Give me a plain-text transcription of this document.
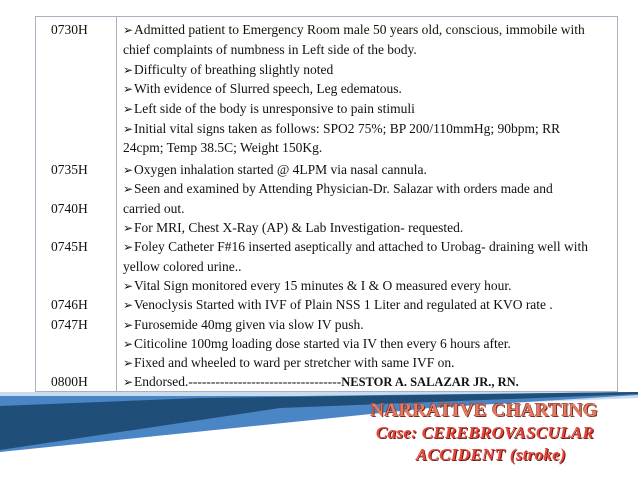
0730H
0735H
0740H
0745H
0746H
0747H
0800H	➢Endorsed.----------------------------------NESTOR A. SALAZAR JR., RN.
NARRATIVE CHARTING
Case: CEREBROVASCULAR
ACCIDENT (stroke)
➢Admitted patient to Emergency Room male 50 years old, conscious, immobile with
chief complaints of numbness in Left side of the body.
➢Difficulty of breathing slightly noted
➢With evidence of Slurred speech, Leg edematous.
➢Left side of the body is unresponsive to pain stimuli
➢Initial vital signs taken as follows: SPO2 75%; BP 200/110mmHg; 90bpm; RR
24cpm; Temp 38.5C; Weight 150Kg.
➢Oxygen inhalation started @ 4LPM via nasal cannula.
➢Seen and examined by Attending Physician-Dr. Salazar with orders made and
carried out.
➢For MRI, Chest X-Ray (AP) & Lab Investigation- requested.
➢Foley Catheter F#16 inserted aseptically and attached to Urobag- draining well with
yellow colored urine..
➢Vital Sign monitored every 15 minutes & I & O measured every hour.
➢Venoclysis Started with IVF of Plain NSS 1 Liter and regulated at KVO rate .
➢Furosemide 40mg given via slow IV push.
➢Citicoline 100mg loading dose started via IV then every 6 hours after.
➢Fixed and wheeled to ward per stretcher with same IVF on.
